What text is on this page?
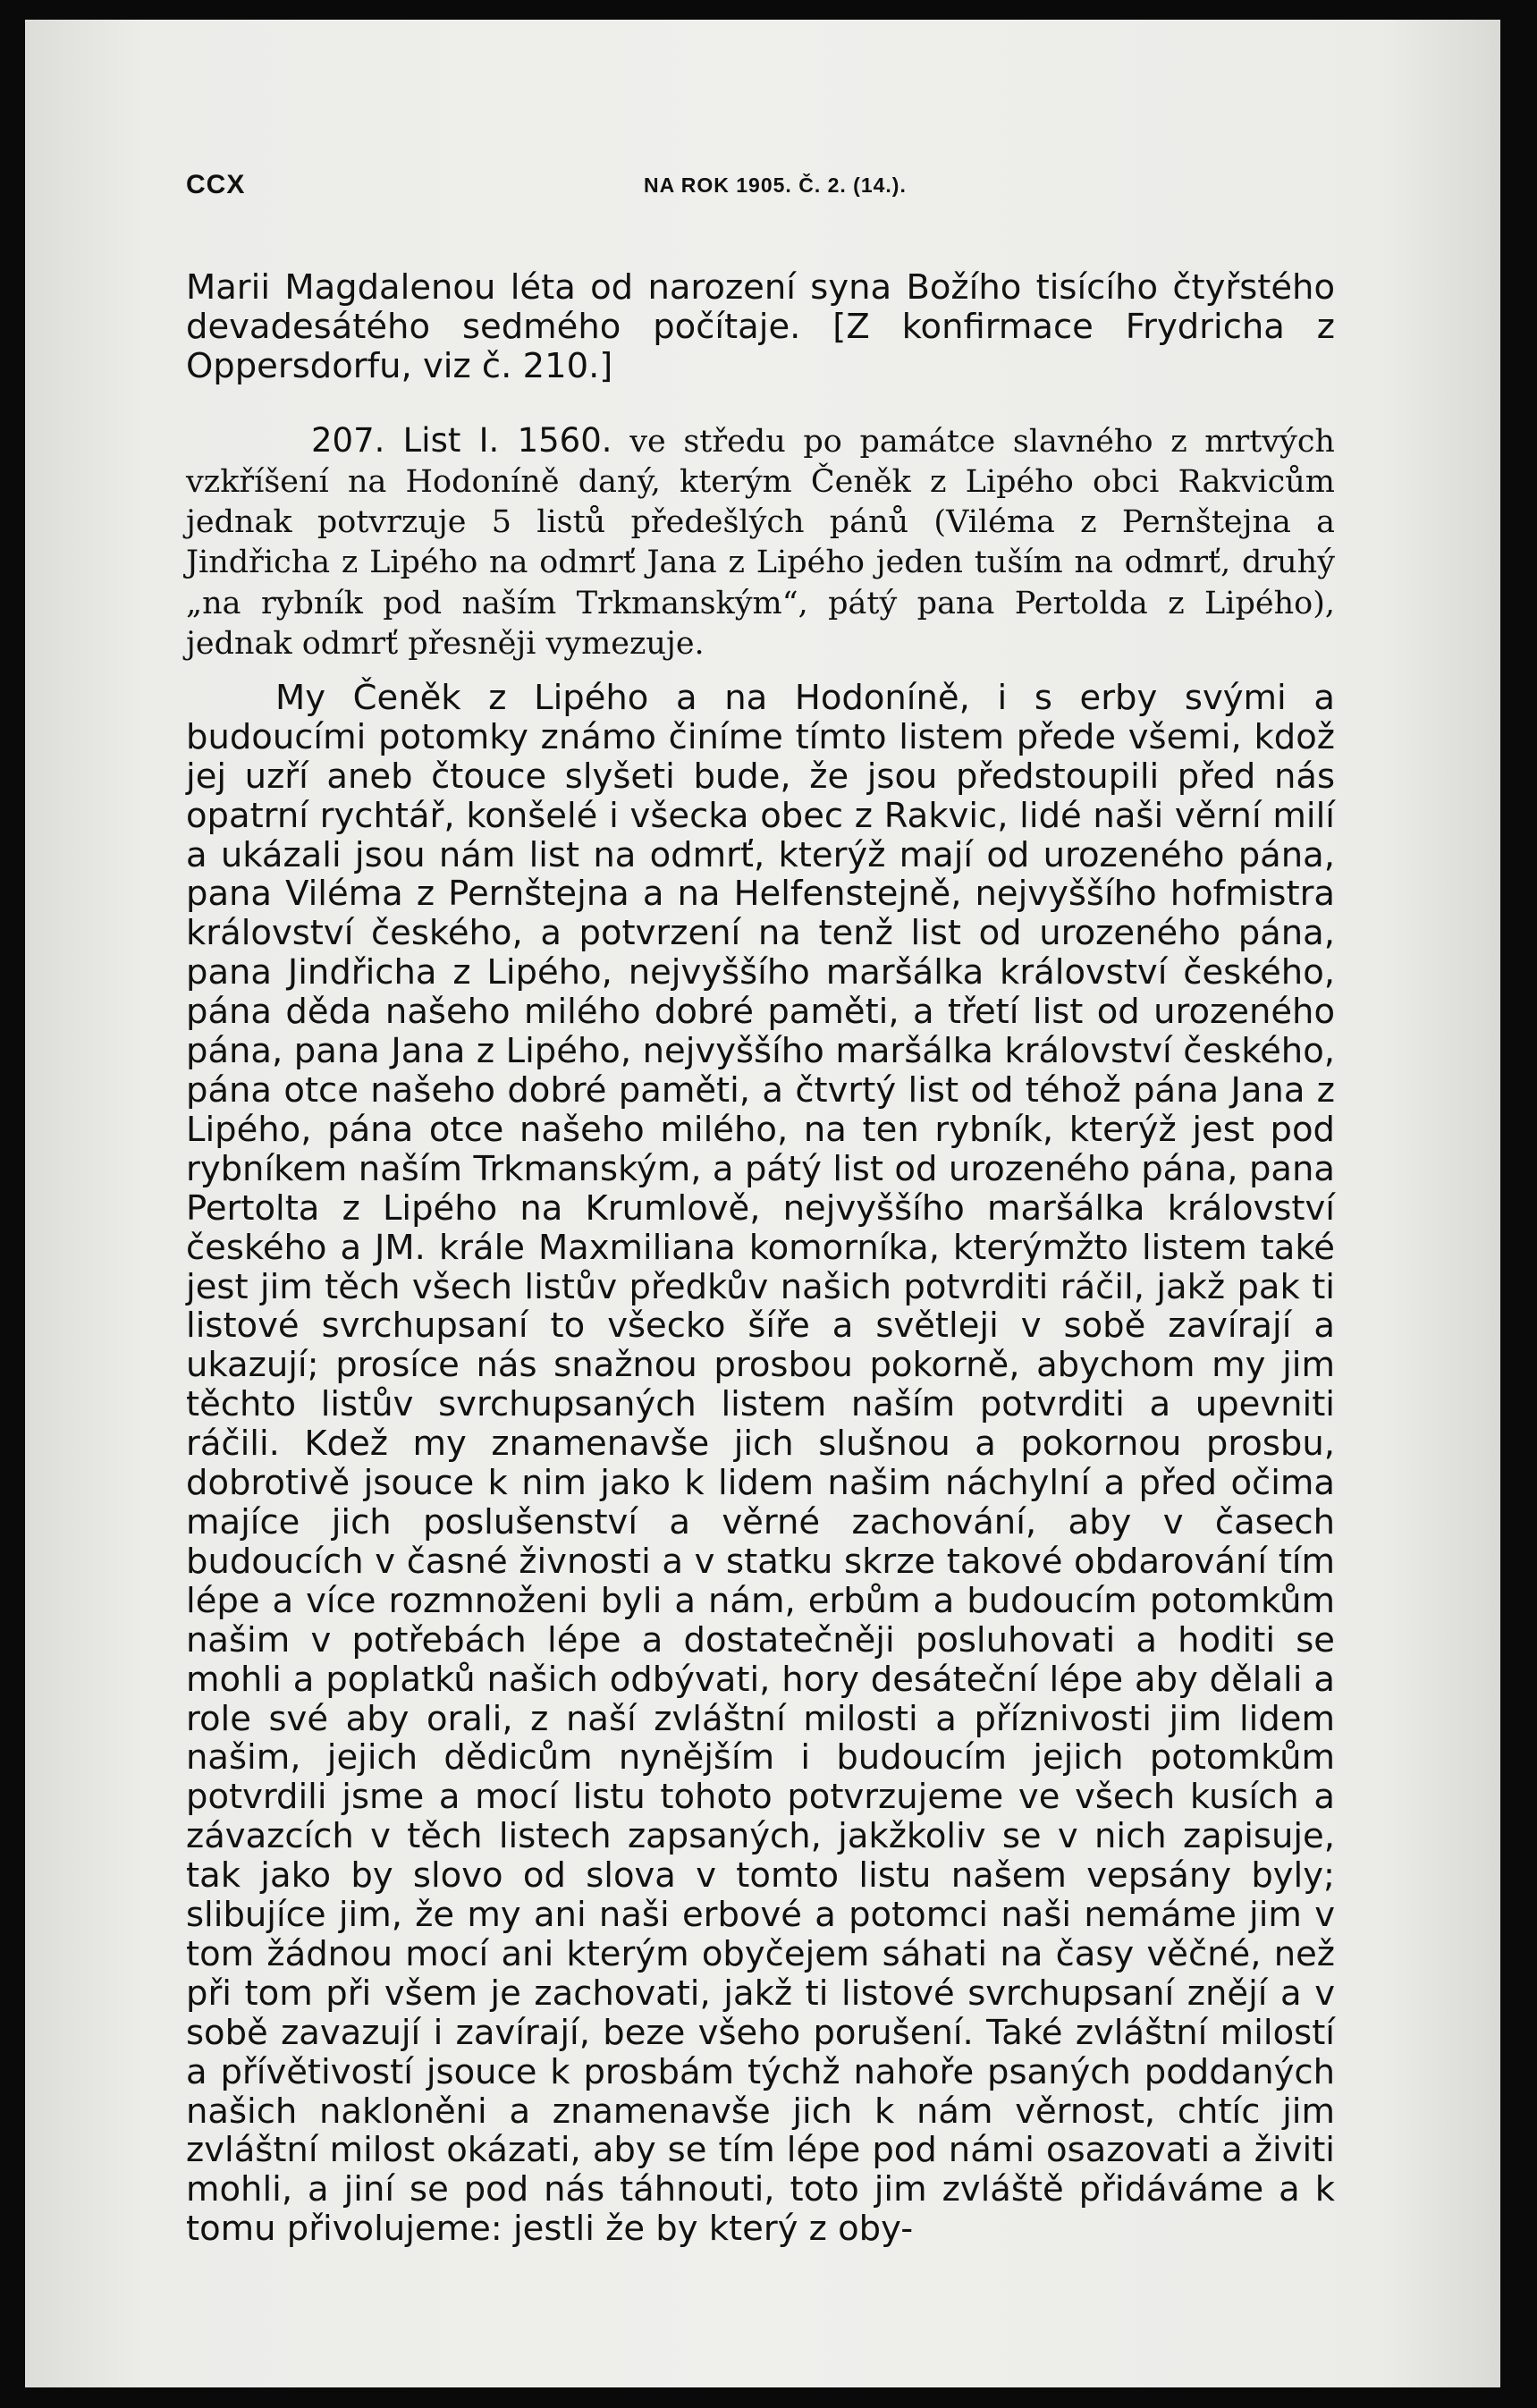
CCX	NA ROK 1905. Č. 2. (14.).

Marii Magdalenou léta od narození syna Božího tisícího čtyřstého devadesátého sedmého počítaje. [Z konfirmace Frydricha z Oppersdorfu, viz č. 210.]

207. List I. 1560. ve středu po památce slavného z mrtvých vzkříšení na Hodoníně daný, kterým Čeněk z Lipého obci Rakvicům jednak potvrzuje 5 listů předešlých pánů (Viléma z Pernštejna a Jindřicha z Lipého na odmrť Jana z Lipého jeden tuším na odmrť, druhý „na rybník pod naším Trkmanským“, pátý pana Pertolda z Lipého), jednak odmrť přesněji vymezuje.

My Čeněk z Lipého a na Hodoníně, i s erby svými a budoucími potomky známo činíme tímto listem přede všemi, kdož jej uzří aneb čtouce slyšeti bude, že jsou předstoupili před nás opatrní rychtář, konšelé i všecka obec z Rakvic, lidé naši věrní milí a ukázali jsou nám list na odmrť, kterýž mají od urozeného pána, pana Viléma z Pernštejna a na Helfenstejně, nejvyššího hofmistra království českého, a potvrzení na tenž list od urozeného pána, pana Jindřicha z Lipého, nejvyššího maršálka království českého, pána děda našeho milého dobré paměti, a třetí list od urozeného pána, pana Jana z Lipého, nejvyššího maršálka království českého, pána otce našeho dobré paměti, a čtvrtý list od téhož pána Jana z Lipého, pána otce našeho milého, na ten rybník, kterýž jest pod rybníkem naším Trkmanským, a pátý list od urozeného pána, pana Pertolta z Lipého na Krumlově, nejvyššího maršálka království českého a JM. krále Maxmiliana komorníka, kterýmžto listem také jest jim těch všech listův předkův našich potvrditi ráčil, jakž pak ti listové svrchupsaní to všecko šíře a světleji v sobě zavírají a ukazují; prosíce nás snažnou prosbou pokorně, abychom my jim těchto listův svrchupsaných listem naším potvrditi a upevniti ráčili. Kdež my znamenavše jich slušnou a pokornou prosbu, dobrotivě jsouce k nim jako k lidem našim náchylní a před očima majíce jich poslušenství a věrné zachování, aby v časech budoucích v časné živnosti a v statku skrze takové obdarování tím lépe a více rozmnoženi byli a nám, erbům a budoucím potomkům našim v potřebách lépe a dostatečněji posluhovati a hoditi se mohli a poplatků našich odbývati, hory desáteční lépe aby dělali a role své aby orali, z naší zvláštní milosti a příznivosti jim lidem našim, jejich dědicům nynějším i budoucím jejich potomkům potvrdili jsme a mocí listu tohoto potvrzujeme ve všech kusích a závazcích v těch listech zapsaných, jakžkoliv se v nich zapisuje, tak jako by slovo od slova v tomto listu našem vepsány byly; slibujíce jim, že my ani naši erbové a potomci naši nemáme jim v tom žádnou mocí ani kterým obyčejem sáhati na časy věčné, než při tom při všem je zachovati, jakž ti listové svrchupsaní znějí a v sobě zavazují i zavírají, beze všeho porušení. Také zvláštní milostí a přívětivostí jsouce k prosbám týchž nahoře psaných poddaných našich nakloněni a znamenavše jich k nám věrnost, chtíc jim zvláštní milost okázati, aby se tím lépe pod námi osazovati a živiti mohli, a jiní se pod nás táhnouti, toto jim zvláště přidáváme a k tomu přivolujeme: jestli že by který z oby-
